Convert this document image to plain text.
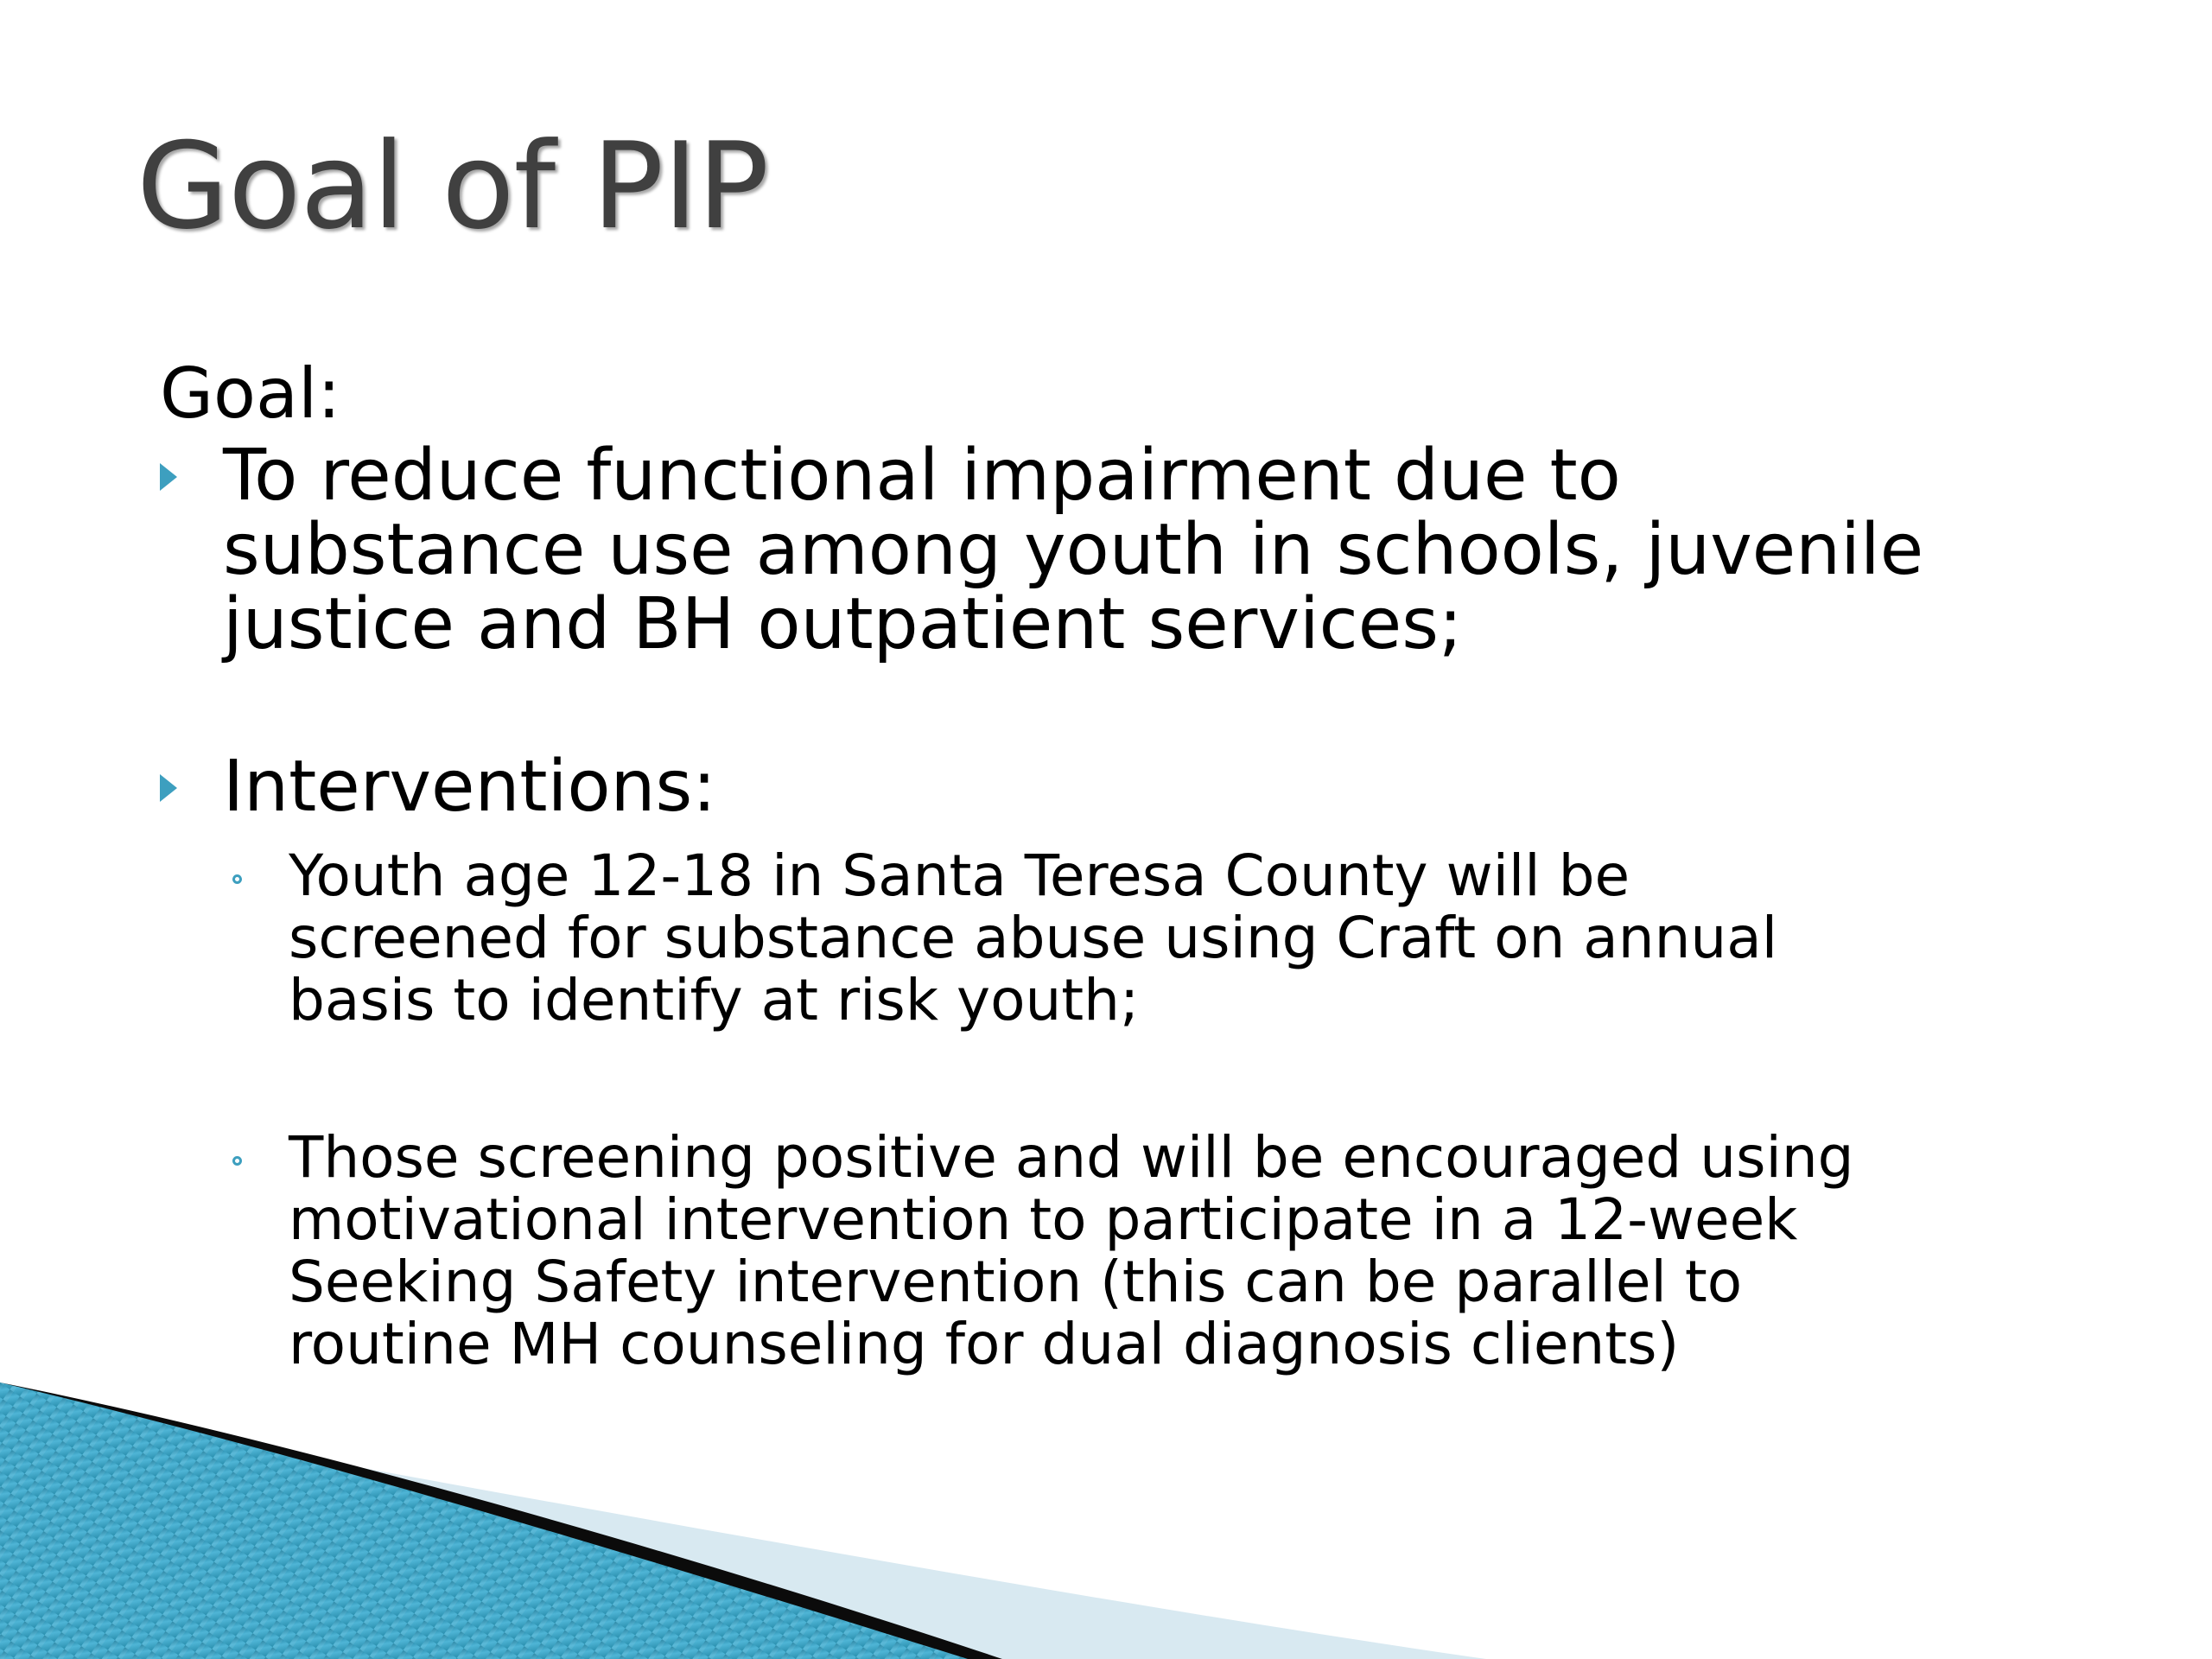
Goal of PIP
Goal:
To reduce functional impairment due to
substance use among youth in schools, juvenile
justice and BH outpatient services;
Interventions:
Youth age 12-18 in Santa Teresa County will be
screened for substance abuse using Craft on annual
basis to identify at risk youth;
Those screening positive and will be encouraged using
motivational intervention to participate in a 12-week
Seeking Safety intervention (this can be parallel to
routine MH counseling for dual diagnosis clients)
